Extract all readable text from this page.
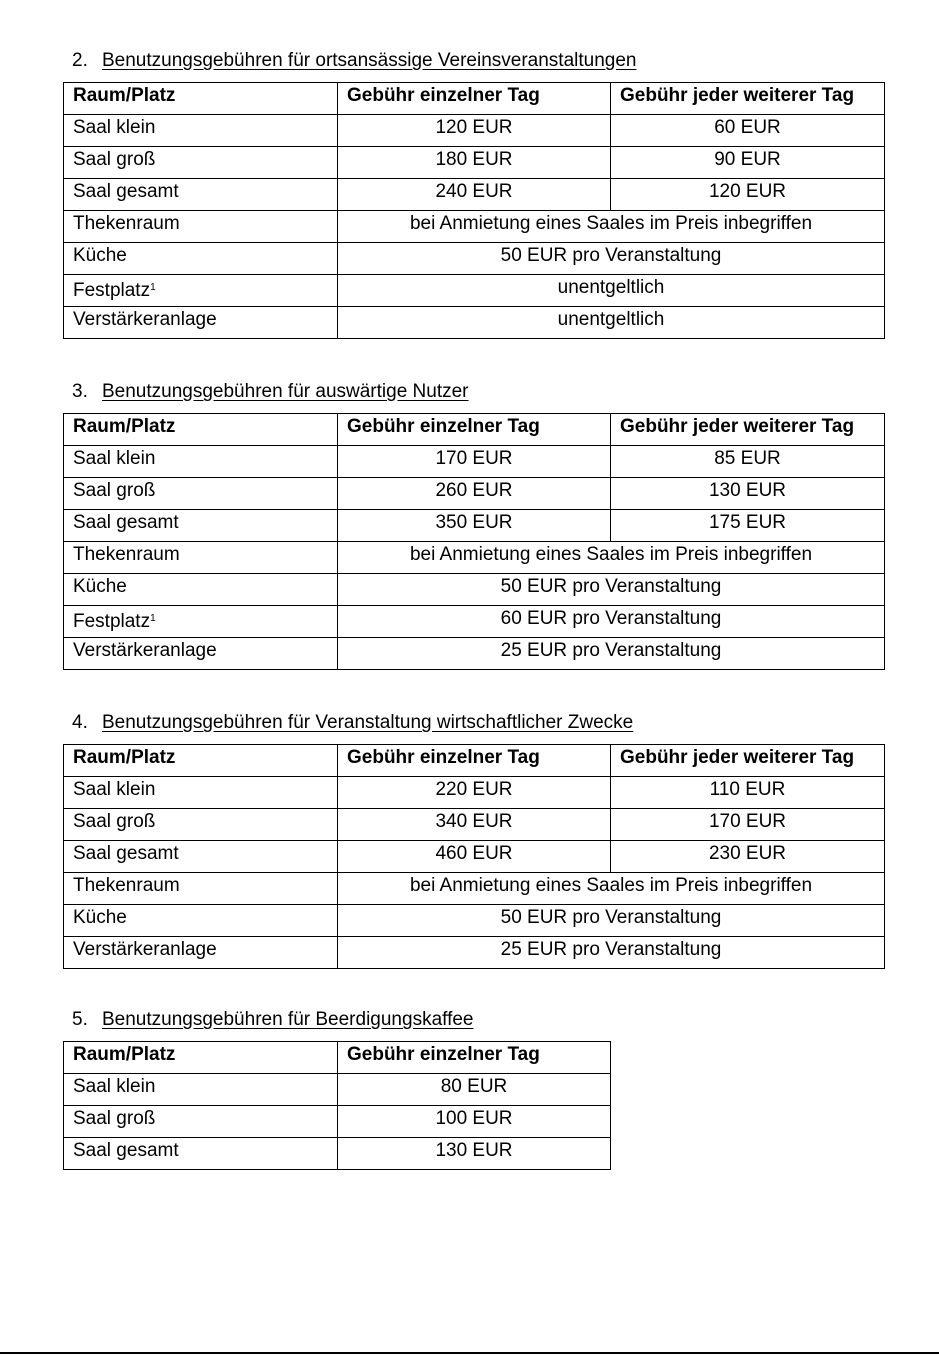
2. Benutzungsgebühren für ortsansässige Vereinsveranstaltungen
Raum/Platz	Gebühr einzelner Tag	Gebühr jeder weiterer Tag
Saal klein	120 EUR	60 EUR
Saal groß	180 EUR	90 EUR
Saal gesamt	240 EUR	120 EUR
Thekenraum	bei Anmietung eines Saales im Preis inbegriffen	
Küche	50 EUR pro Veranstaltung	
Festplatz$^1$	unentgeltlich	
Verstärkeranlage	unentgeltlich	
3. Benutzungsgebühren für auswärtige Nutzer
Raum/Platz	Gebühr einzelner Tag	Gebühr jeder weiterer Tag
Saal klein	170 EUR	85 EUR
Saal groß	260 EUR	130 EUR
Saal gesamt	350 EUR	175 EUR
Thekenraum	bei Anmietung eines Saales im Preis inbegriffen	
Küche	50 EUR pro Veranstaltung	
Festplatz$^1$	60 EUR pro Veranstaltung	
Verstärkeranlage	25 EUR pro Veranstaltung	
4. Benutzungsgebühren für Veranstaltung wirtschaftlicher Zwecke
Raum/Platz	Gebühr einzelner Tag	Gebühr jeder weiterer Tag
Saal klein	220 EUR	110 EUR
Saal groß	340 EUR	170 EUR
Saal gesamt	460 EUR	230 EUR
Thekenraum	bei Anmietung eines Saales im Preis inbegriffen	
Küche	50 EUR pro Veranstaltung	
Verstärkeranlage	25 EUR pro Veranstaltung	
5. Benutzungsgebühren für Beerdigungskaffee
Raum/Platz	Gebühr einzelner Tag
Saal klein	80 EUR
Saal groß	100 EUR
Saal gesamt	130 EUR
